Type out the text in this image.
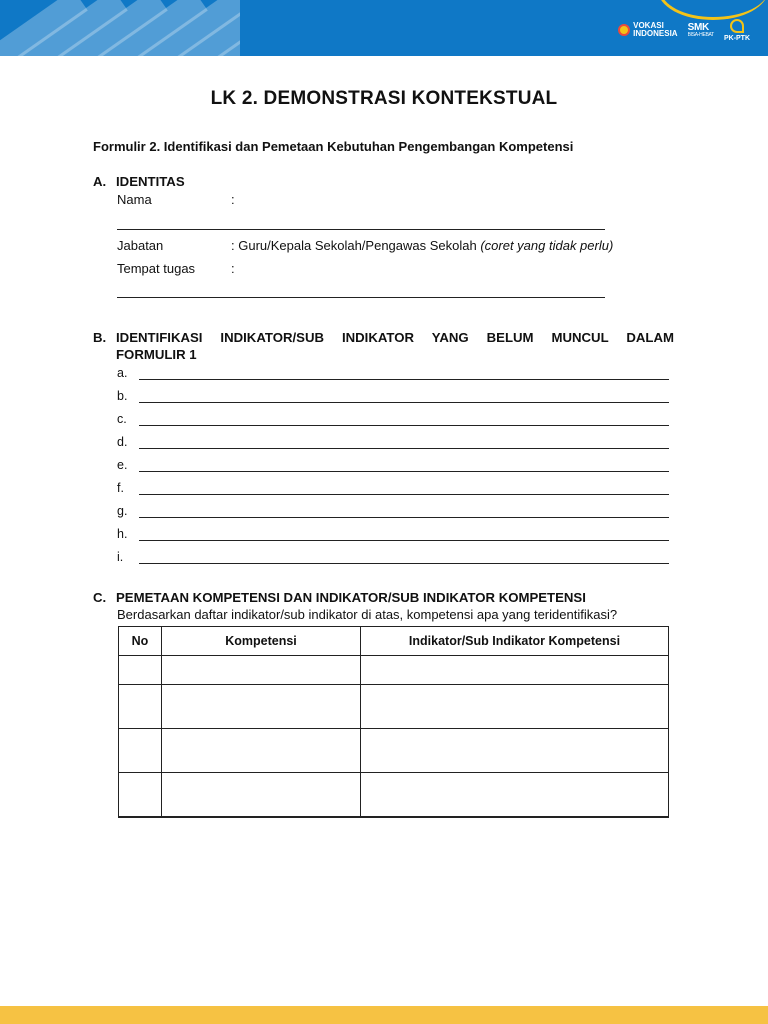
VOKASI
INDONESIA
SMK
BISA-HEBAT PK-PTK
LK 2. DEMONSTRASI KONTEKSTUAL
Formulir 2. Identifikasi dan Pemetaan Kebutuhan Pengembangan Kompetensi
A. IDENTITAS
Nama	:
Jabatan	: Guru/Kepala Sekolah/Pengawas Sekolah (coret yang tidak perlu)
Tempat tugas	:
B. IDENTIFIKASI INDIKATOR/SUB INDIKATOR YANG BELUM MUNCUL DALAM
FORMULIR 1
a.
b.
c.
d.
e.
f.
g.
h.
i.
C. PEMETAAN KOMPETENSI DAN INDIKATOR/SUB INDIKATOR KOMPETENSI
Berdasarkan daftar indikator/sub indikator di atas, kompetensi apa yang teridentifikasi?
No	Kompetensi	Indikator/Sub Indikator Kompetensi
